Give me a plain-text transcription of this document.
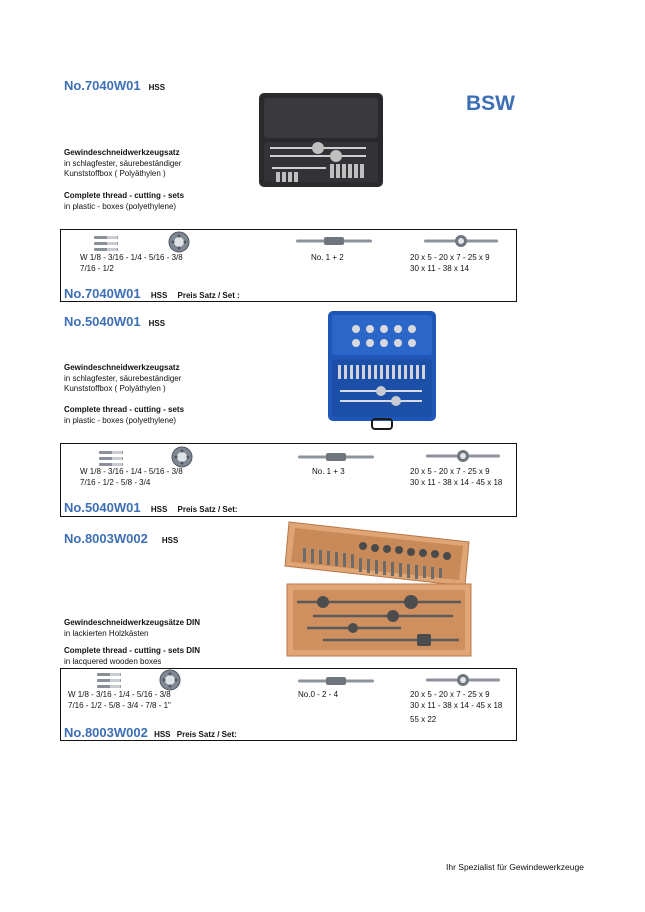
BSW
No.7040W01 HSS
Gewindeschneidwerkzeugsatz
in schlagfester, säurebeständiger
Kunststoffbox ( Polyäthylen )
Complete thread - cutting - sets
in plastic - boxes (polyethylene)
W 1/8 - 3/16 - 1/4 - 5/16 - 3/8
7/16 - 1/2
No. 1 + 2	20 x 5 - 20 x 7 - 25 x 9
30 x 11 - 38 x 14
No.7040W01 HSS Preis Satz / Set :
No.5040W01 HSS
Gewindeschneidwerkzeugsatz
in schlagfester, säurebeständiger
Kunststoffbox ( Polyäthylen )
Complete thread - cutting - sets
in plastic - boxes (polyethylene)
W 1/8 - 3/16 - 1/4 - 5/16 - 3/8
7/16 - 1/2 - 5/8 - 3/4
No. 1 + 3	20 x 5 - 20 x 7 - 25 x 9
30 x 11 - 38 x 14 - 45 x 18
No.5040W01 HSS Preis Satz / Set:
No.8003W002 HSS
Gewindeschneidwerkzeugsätze DIN
in lackierten Holzkästen
Complete thread - cutting - sets DIN
in lacquered wooden boxes
W 1/8 - 3/16 - 1/4 - 5/16 - 3/8
7/16 - 1/2 - 5/8 - 3/4 - 7/8 - 1"
No.0 - 2 - 4	20 x 5 - 20 x 7 - 25 x 9
30 x 11 - 38 x 14 - 45 x 18
55 x 22
No.8003W002 HSS Preis Satz / Set:
Ihr Spezialist für Gewindewerkzeuge
